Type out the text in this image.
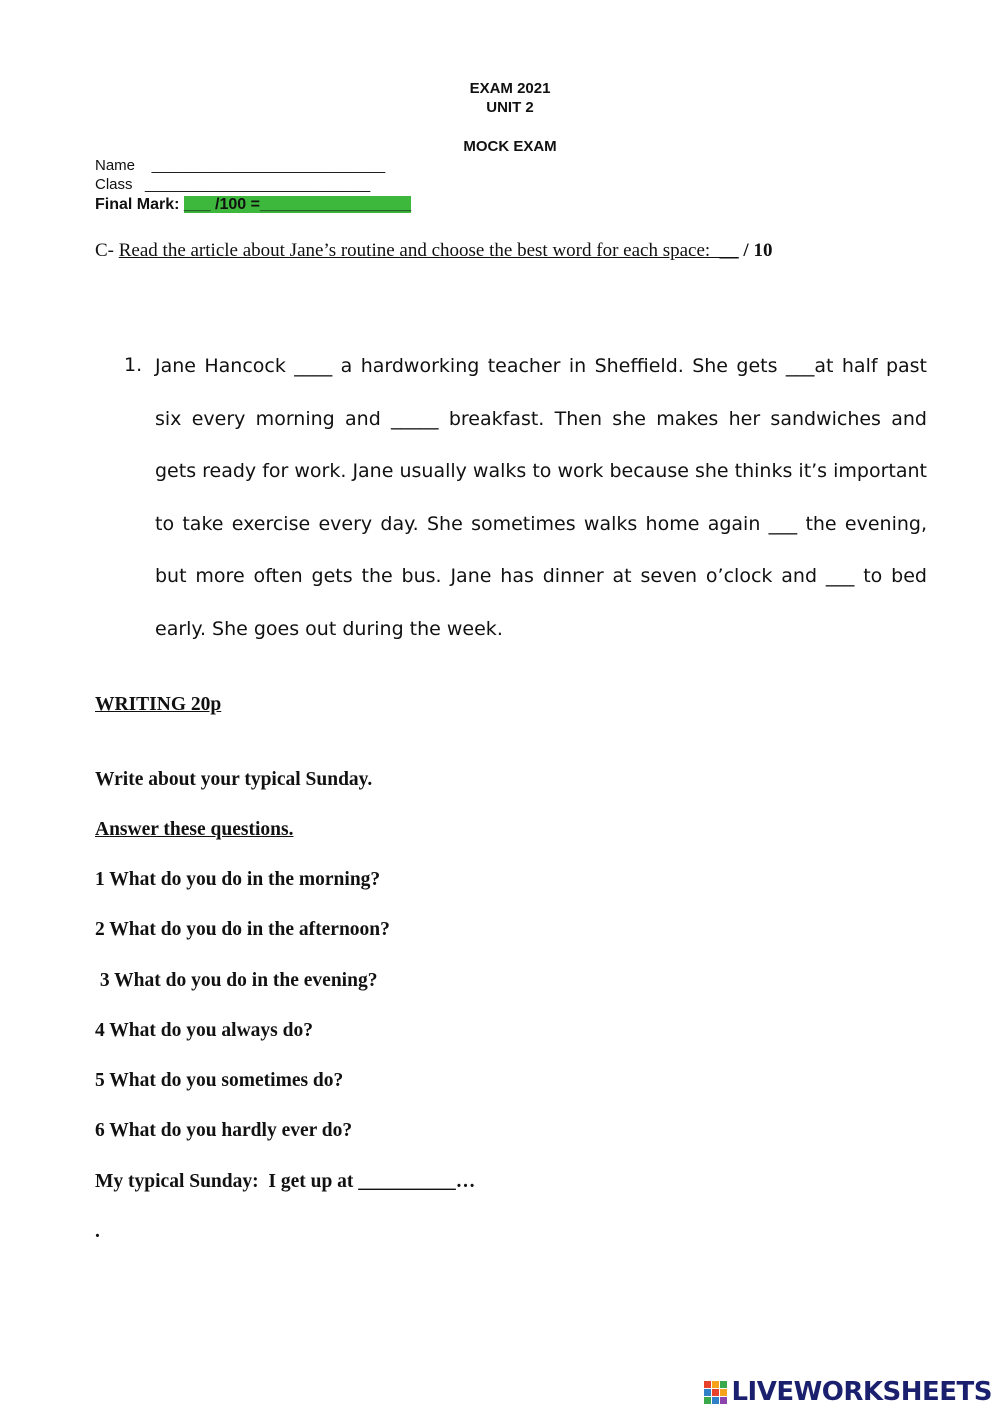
EXAM 2021
UNIT 2
MOCK EXAM
Name    ____________________________
Class   ___________________________
Final Mark: ___ /100 =_________________
C- Read the article about Jane’s routine and choose the best word for each space:  __ / 10
1. Jane Hancock ____ a hardworking teacher in Sheffield. She gets ___at half past six every morning and _____ breakfast. Then she makes her sandwiches and gets ready for work. Jane usually walks to work because she thinks it’s important to take exercise every day. She sometimes walks home again ___ the evening, but more often gets the bus. Jane has dinner at seven o’clock and ___ to bed early. She goes out during the week.
WRITING 20p
Write about your typical Sunday.
Answer these questions.
1 What do you do in the morning?
2 What do you do in the afternoon?
3 What do you do in the evening?
4 What do you always do?
5 What do you sometimes do?
6 What do you hardly ever do?
My typical Sunday:  I get up at __________…
.
LIVEWORKSHEETS
